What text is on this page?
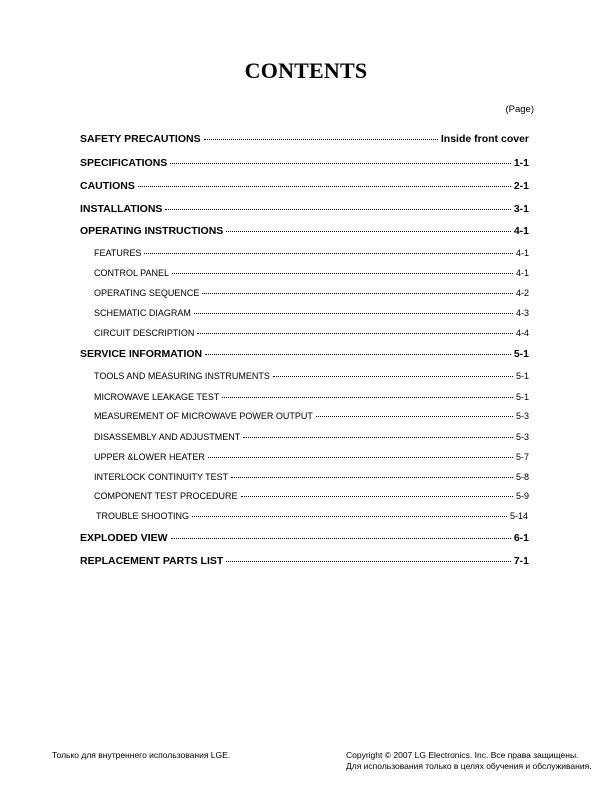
CONTENTS
(Page)
SAFETY PRECAUTIONS	Inside front cover
SPECIFICATIONS	1-1
CAUTIONS	2-1
INSTALLATIONS	3-1
OPERATING INSTRUCTIONS	4-1
FEATURES	4-1
CONTROL PANEL	4-1
OPERATING SEQUENCE	4-2
SCHEMATIC DIAGRAM	4-3
CIRCUIT DESCRIPTION	4-4
SERVICE INFORMATION	5-1
TOOLS AND MEASURING INSTRUMENTS	5-1
MICROWAVE LEAKAGE TEST	5-1
MEASUREMENT OF MICROWAVE POWER OUTPUT	5-3
DISASSEMBLY AND ADJUSTMENT	5-3
UPPER &LOWER HEATER	5-7
INTERLOCK CONTINUITY TEST	5-8
COMPONENT TEST PROCEDURE	5-9
TROUBLE SHOOTING	5-14
EXPLODED VIEW	6-1
REPLACEMENT PARTS LIST	7-1
Только для внутреннего использования LGE.	Copyright © 2007 LG Electronics. Inc. Все права защищены.
Для использования только в целях обучения и обслуживания.
